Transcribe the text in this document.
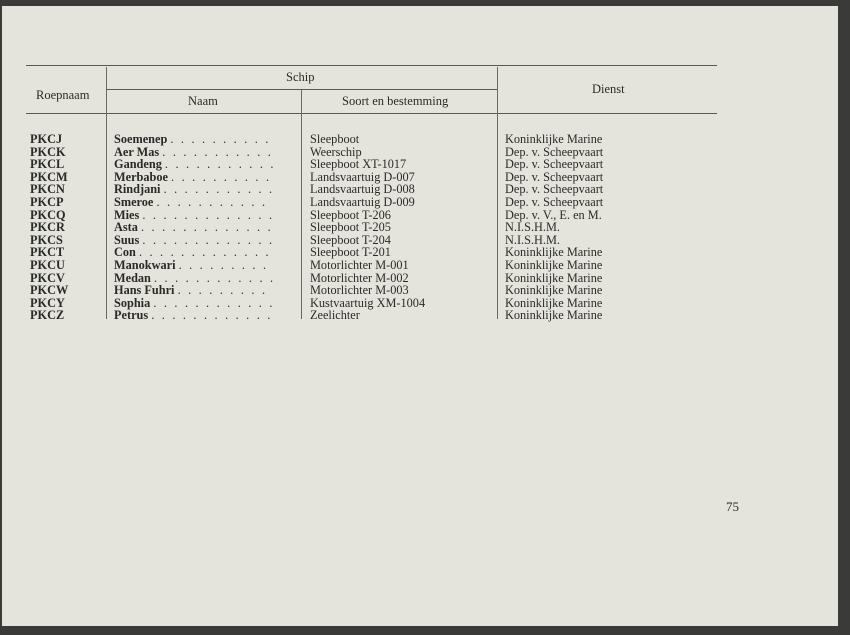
Roepnaam
Schip
Naam	Soort en bestemming
Dienst
PKCJ
PKCK
PKCL
PKCM
PKCN
PKCP
PKCQ
PKCR
PKCS
PKCT
PKCU
PKCV
PKCW
PKCY
PKCZ
Soemenep . . . . . . . . . .
Aer Mas . . . . . . . . . . .
Gandeng . . . . . . . . . . .
Merbaboe . . . . . . . . . .
Rindjani . . . . . . . . . . .
Smeroe . . . . . . . . . . .
Mies . . . . . . . . . . . . .
Asta . . . . . . . . . . . . .
Suus . . . . . . . . . . . . .
Con . . . . . . . . . . . . .
Manokwari . . . . . . . . .
Medan . . . . . . . . . . . .
Hans Fuhri . . . . . . . . .
Sophia . . . . . . . . . . . .
Petrus . . . . . . . . . . . .
Sleepboot
Weerschip
Sleepboot XT-1017
Landsvaartuig D-007
Landsvaartuig D-008
Landsvaartuig D-009
Sleepboot T-206
Sleepboot T-205
Sleepboot T-204
Sleepboot T-201
Motorlichter M-001
Motorlichter M-002
Motorlichter M-003
Kustvaartuig XM-1004
Zeelichter
Koninklijke Marine
Dep. v. Scheepvaart
Dep. v. Scheepvaart
Dep. v. Scheepvaart
Dep. v. Scheepvaart
Dep. v. Scheepvaart
Dep. v. V., E. en M.
N.I.S.H.M.
N.I.S.H.M.
Koninklijke Marine
Koninklijke Marine
Koninklijke Marine
Koninklijke Marine
Koninklijke Marine
Koninklijke Marine
75
